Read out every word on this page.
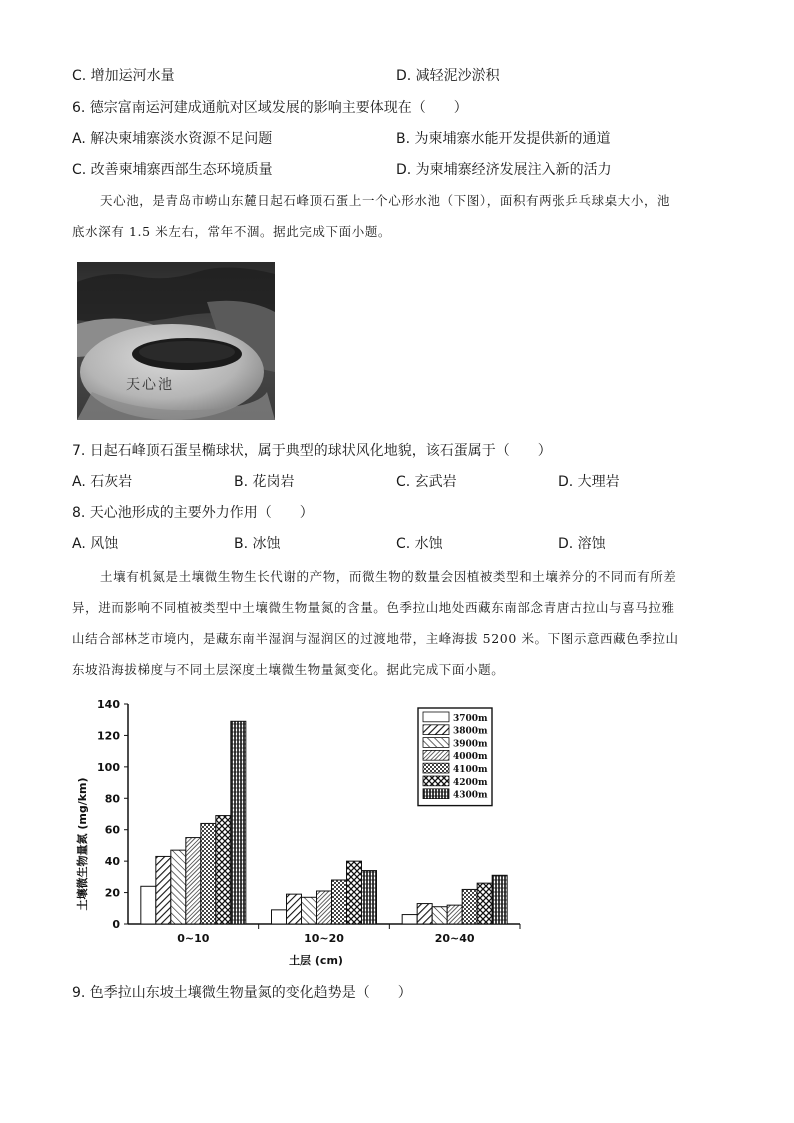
C. 增加运河水量	D. 减轻泥沙淤积
6. 德宗富南运河建成通航对区域发展的影响主要体现在（　　）
A. 解决柬埔寨淡水资源不足问题	B. 为柬埔寨水能开发提供新的通道
C. 改善柬埔寨西部生态环境质量	D. 为柬埔寨经济发展注入新的活力
天心池，是青岛市崂山东麓日起石峰顶石蛋上一个心形水池（下图），面积有两张乒乓球桌大小，池
底水深有 1.5 米左右，常年不涸。据此完成下面小题。
天心池
7. 日起石峰顶石蛋呈椭球状，属于典型的球状风化地貌，该石蛋属于（　　）
A. 石灰岩	B. 花岗岩	C. 玄武岩	D. 大理岩
8. 天心池形成的主要外力作用（　　）
A. 风蚀	B. 冰蚀	C. 水蚀	D. 溶蚀
土壤有机氮是土壤微生物生长代谢的产物，而微生物的数量会因植被类型和土壤养分的不同而有所差
异，进而影响不同植被类型中土壤微生物量氮的含量。色季拉山地处西藏东南部念青唐古拉山与喜马拉雅
山结合部林芝市境内，是藏东南半湿润与湿润区的过渡地带，主峰海拔 5200 米。下图示意西藏色季拉山
东坡沿海拔梯度与不同土层深度土壤微生物量氮变化。据此完成下面小题。
0
20
40
60
80
100
120
140
0~10	10~20	20~40
3700m
3800m
3900m
4000m
4100m
4200m
4300m
土壤微生物量氮 (mg/km)
土层 (cm)
9. 色季拉山东坡土壤微生物量氮的变化趋势是（　　）
